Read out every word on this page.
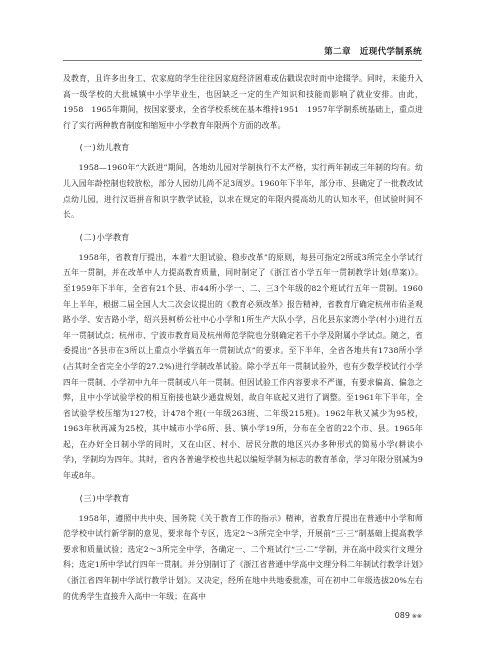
第二章　近现代学制系统

及教育，且许多出身工、农家庭的学生往往因家庭经济困难或佔戳误农时而中途辍学。同时，未能升入高一级学校的大批城镇中小学毕业生，也因缺乏一定的生产知识和技能而影响了就业安排。由此，1958　1965年期间，按国家要求，全省学校系统在基本维持1951　1957年学制系统基础上，重点进行了实行两种教育制度和缩短中小学教育年限两个方面的改革。

(一)幼儿教育

1958—1960年“大跃进”期间，各地幼儿园对学制执行不太严格，实行两年制或三年制的均有。幼儿入园年龄控制也较放松，部分人园幼儿尚不足3周岁。1960年下半年，部分市、县确定了一批教改试点幼儿园，进行汉语拼音和识字教学试验，以求在规定的年限内提高幼儿的认知水平，但试验时间不长。

(二)小学教育

1958年，省教育厅提出，本着“大胆试验、稳步改革”的原则，每县可指定2所或3所完全小学试行五年一贯制，并在改革中人力提高教育质量，同时制定了《浙江省小学五年一贯制教学计划(草案)》。至1959年下半年，全省有21个县、市44所小学一、二、三3个年级的82个班试行五年一贯制。1960年上半年，根据二届全国人大二次会议提出的《教育必须改革》报告精神，省教育厅确定杭州市佑圣观路小学、安吉路小学，绍兴县柯桥公社中心小学和1所生产大队小学，吕化县东家湾小学(村小)进行五年一贯制试点；杭州市、宁波市教育局及杭州师范学院也分别确定若干小学及附属小学试点。随之，省委提出“各县市在3所以上重点小学搞五年一贯制试点”的要求。至下半年，全省各地共有1738所小学(占其时全省完全小学的27.2%)进行学制改革试验。除小学五年一贯制试验外，也有少数学校试行小学四年一贯制、小学初中九年一贯制或八年一贯制。但因试验工作内容要求不严谨，有要求偏高、偏急之弊，且中小学试验学校的相互衔接也缺少通盘规划，故自年底起又进行了调整。至1961年下半年，全省试验学校压缩为127校，计478个班(一年级263班、二年级215班)。1962年秋又减少为95校，1963年秋再减为25校，其中城市小学6所、县、镇小学19所，分布在全省的22个市、县。1965年起，在办好全日制小学的同时，又在山区、村小、居民分散的地区兴办多种形式的简易小学(耕读小学)，学制均为四年。其时，省内各普遍学校也共起以编短学制为标志的教育革命，学习年限分别减为9年或8年。

(三)中学教育

1958年，遵照中共中央、国务院《关于教育工作的指示》精神，省教育厅提出在普通中小学和师范学校中试行新学制的意见，要求每个专区，选定2～3所完全中学，开展前“三·三”制基础上提高教学要求和质量试验；选定2～3所完全中学，各确定一、二个班试行“三·二”学制，并在高中段实行文理分科；选定1所中学试行四年一贯制。并分别制订了《浙江省普通中学高中文理分科二年制试行教学计划》《浙江省四年制中学试行教学计划》。又决定，经所在地中共地委批准，可在初中二年级选拔20%左右的优秀学生直接升入高中一年级；在高中

089 ❀❀
